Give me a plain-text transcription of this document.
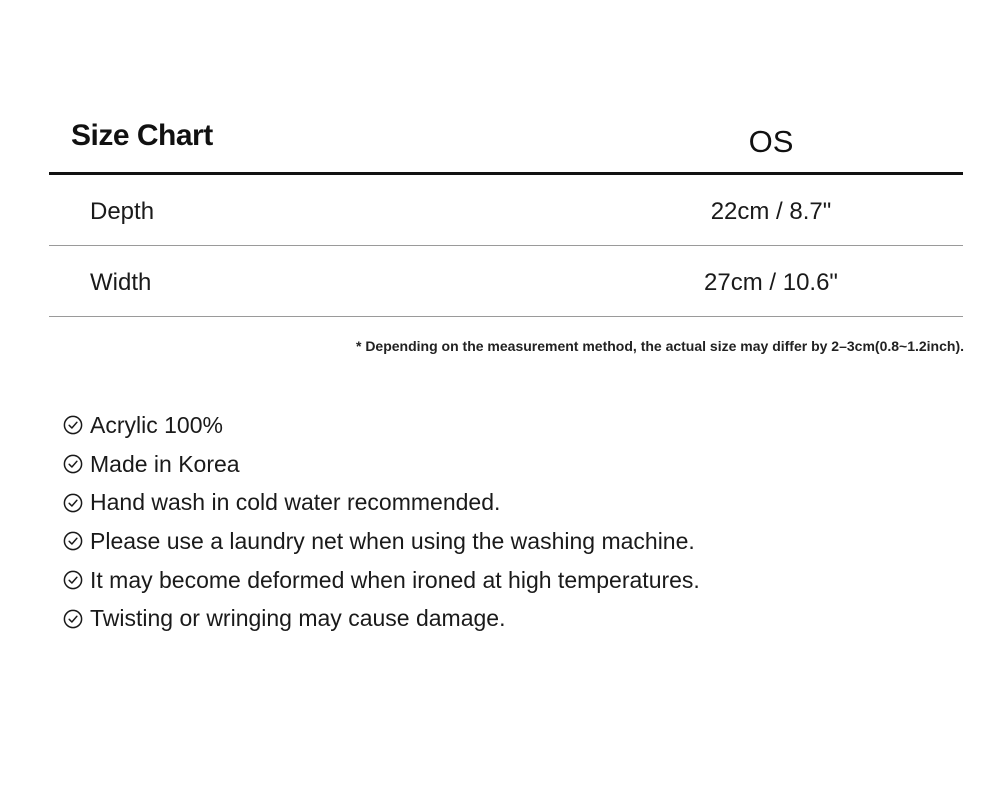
Size Chart	OS
Depth	22cm / 8.7"
Width	27cm / 10.6"
* Depending on the measurement method, the actual size may differ by 2–3cm(0.8~1.2inch).
Acrylic 100%
Made in Korea
Hand wash in cold water recommended.
Please use a laundry net when using the washing machine.
It may become deformed when ironed at high temperatures.
Twisting or wringing may cause damage.
